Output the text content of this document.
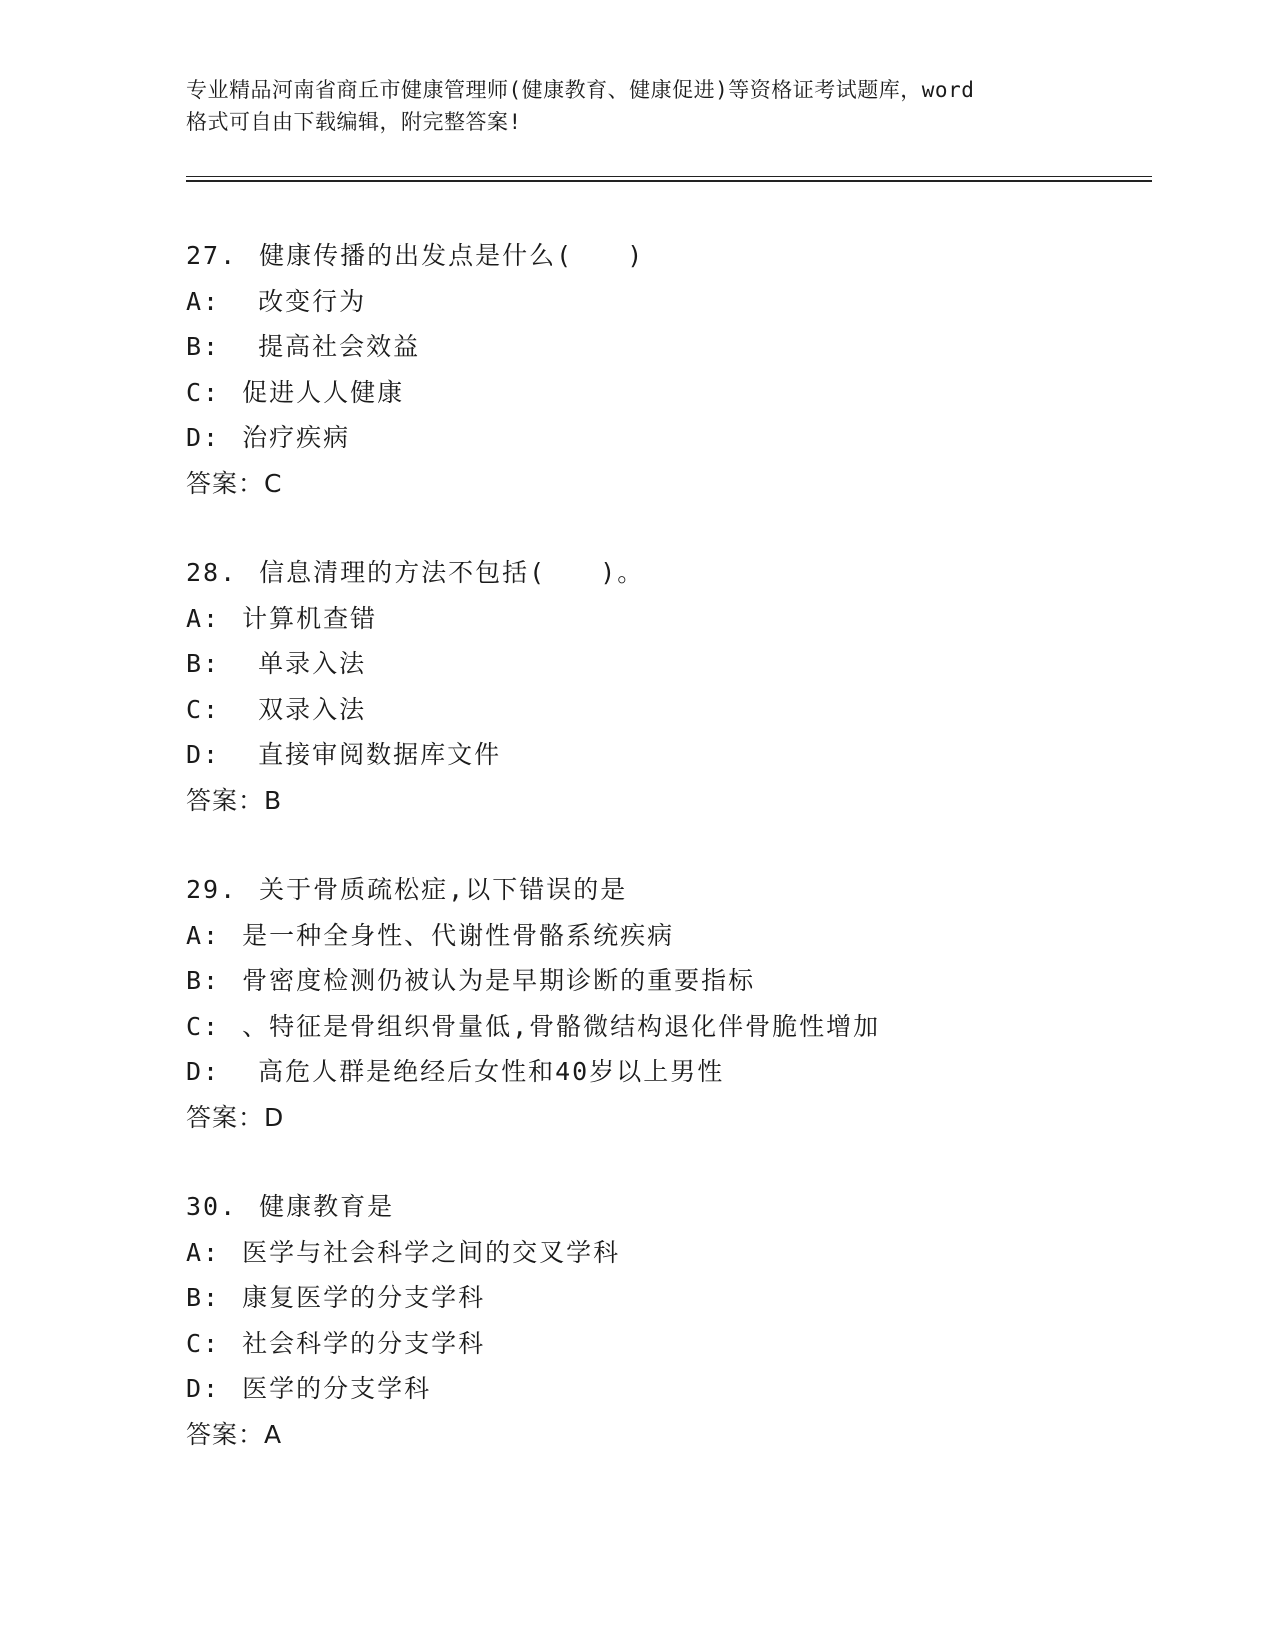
专业精品河南省商丘市健康管理师(健康教育、健康促进)等资格证考试题库，word
格式可自由下载编辑，附完整答案!
27. 健康传播的出发点是什么(　　)
A: 改变行为
B: 提高社会效益
C: 促进人人健康
D: 治疗疾病
答案：C
28. 信息清理的方法不包括(　　)。
A: 计算机查错
B: 单录入法
C: 双录入法
D: 直接审阅数据库文件
答案：B
29. 关于骨质疏松症,以下错误的是
A: 是一种全身性、代谢性骨骼系统疾病
B: 骨密度检测仍被认为是早期诊断的重要指标
C: 、特征是骨组织骨量低,骨骼微结构退化伴骨脆性增加
D: 高危人群是绝经后女性和40岁以上男性
答案：D
30. 健康教育是
A: 医学与社会科学之间的交叉学科
B: 康复医学的分支学科
C: 社会科学的分支学科
D: 医学的分支学科
答案：A
